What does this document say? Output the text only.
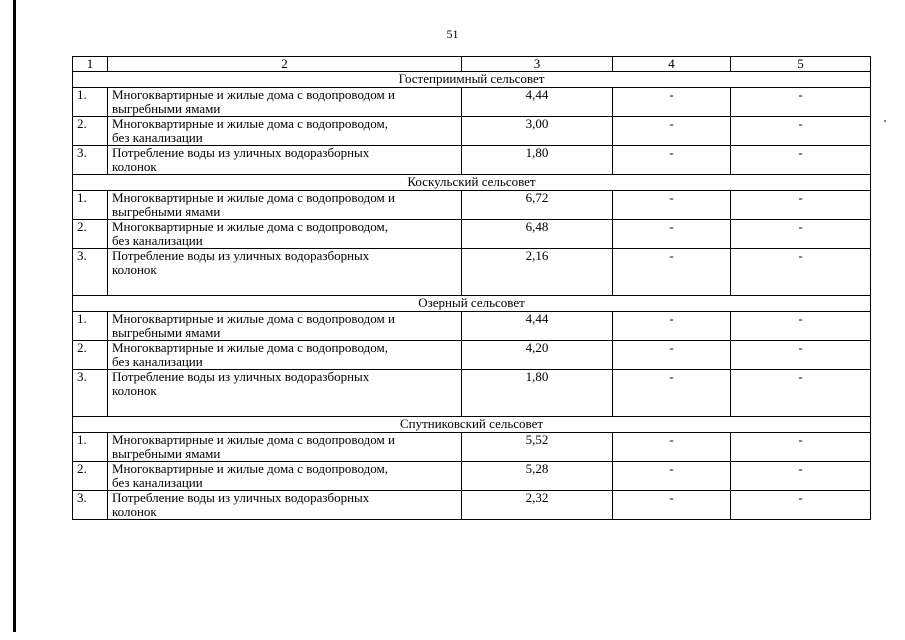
51
1	2	3	4	5
Гостеприимный сельсовет				
1.	Многоквартирные и жилые дома с водопроводом и
выгребными ямами	4,44	-	-
2.	Многоквартирные и жилые дома с водопроводом,
без канализации	3,00	-	-
3.	Потребление воды из уличных водоразборных
колонок	1,80	-	-
Коскульский сельсовет				
1.	Многоквартирные и жилые дома с водопроводом и
выгребными ямами	6,72	-	-
2.	Многоквартирные и жилые дома с водопроводом,
без канализации	6,48	-	-
3.	Потребление воды из уличных водоразборных
колонок	2,16	-	-
Озерный сельсовет				
1.	Многоквартирные и жилые дома с водопроводом и
выгребными ямами	4,44	-	-
2.	Многоквартирные и жилые дома с водопроводом,
без канализации	4,20	-	-
3.	Потребление воды из уличных водоразборных
колонок	1,80	-	-
Спутниковский сельсовет				
1.	Многоквартирные и жилые дома с водопроводом и
выгребными ямами	5,52	-	-
2.	Многоквартирные и жилые дома с водопроводом,
без канализации	5,28	-	-
3.	Потребление воды из уличных водоразборных
колонок	2,32	-	-
